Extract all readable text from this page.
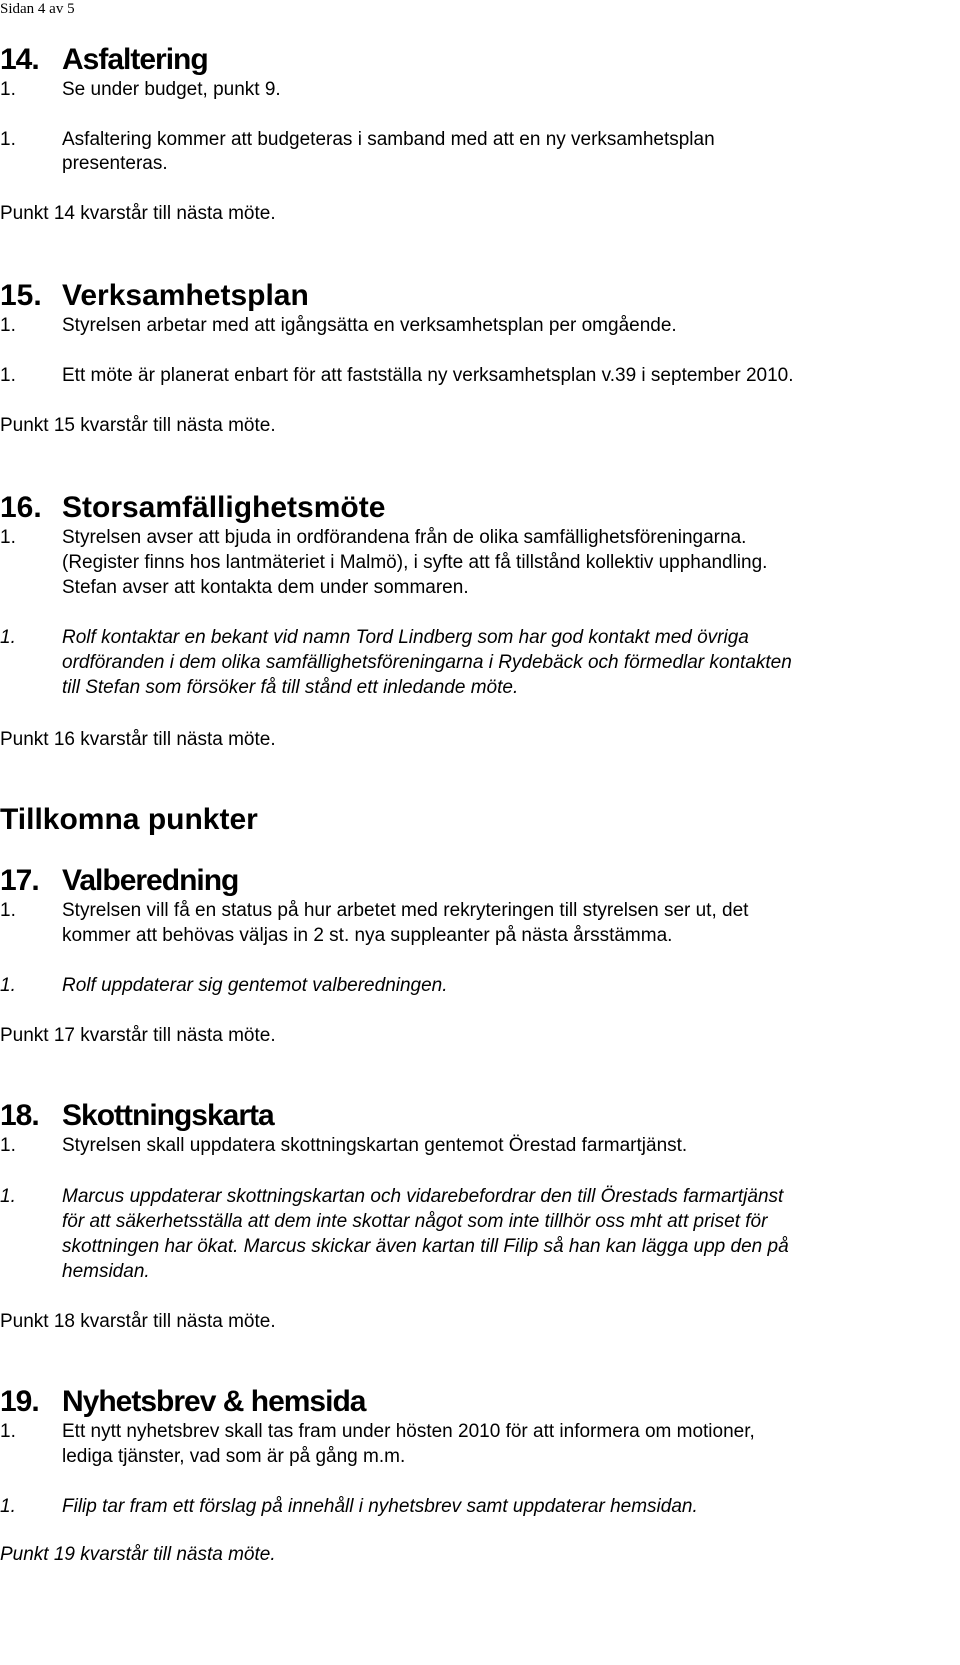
Sidan 4 av 5
14. Asfaltering
1. Se under budget, punkt 9.
1. Asfaltering kommer att budgeteras i samband med att en ny verksamhetsplan
presenteras.
Punkt 14 kvarstår till nästa möte.
15. Verksamhetsplan
1. Styrelsen arbetar med att igångsätta en verksamhetsplan per omgående.
1. Ett möte är planerat enbart för att fastställa ny verksamhetsplan v.39 i september 2010.
Punkt 15 kvarstår till nästa möte.
16. Storsamfällighetsmöte
1. Styrelsen avser att bjuda in ordförandena från de olika samfällighetsföreningarna.
(Register finns hos lantmäteriet i Malmö), i syfte att få tillstånd kollektiv upphandling.
Stefan avser att kontakta dem under sommaren.
1. Rolf kontaktar en bekant vid namn Tord Lindberg som har god kontakt med övriga
ordföranden i dem olika samfällighetsföreningarna i Rydebäck och förmedlar kontakten
till Stefan som försöker få till stånd ett inledande möte.
Punkt 16 kvarstår till nästa möte.
Tillkomna punkter
17. Valberedning
1. Styrelsen vill få en status på hur arbetet med rekryteringen till styrelsen ser ut, det
kommer att behövas väljas in 2 st. nya suppleanter på nästa årsstämma.
1. Rolf uppdaterar sig gentemot valberedningen.
Punkt 17 kvarstår till nästa möte.
18. Skottningskarta
1. Styrelsen skall uppdatera skottningskartan gentemot Örestad farmartjänst.
1. Marcus uppdaterar skottningskartan och vidarebefordrar den till Örestads farmartjänst
för att säkerhetsställa att dem inte skottar något som inte tillhör oss mht att priset för
skottningen har ökat. Marcus skickar även kartan till Filip så han kan lägga upp den på
hemsidan.
Punkt 18 kvarstår till nästa möte.
19. Nyhetsbrev & hemsida
1. Ett nytt nyhetsbrev skall tas fram under hösten 2010 för att informera om motioner,
lediga tjänster, vad som är på gång m.m.
1. Filip tar fram ett förslag på innehåll i nyhetsbrev samt uppdaterar hemsidan.
Punkt 19 kvarstår till nästa möte.
